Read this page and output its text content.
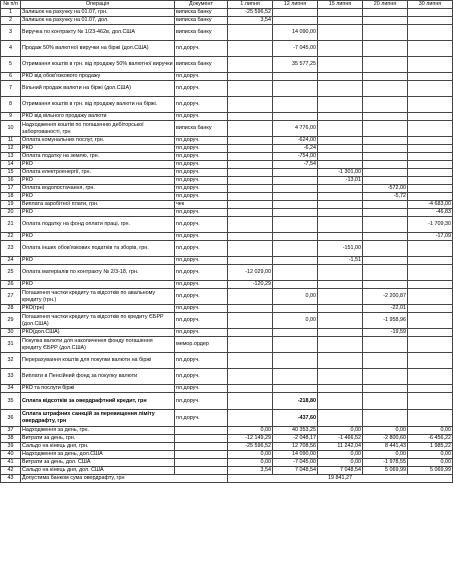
№ п/п	Операція	Документ	1 липня	12 липня	15 липня	20 липня	30 липня
1	Залишок на рахунку на 01.07, грн.	виписка банку	-25 596,52				
2	Залишок на рахунку на 01.07, дол.	виписка банку	3,54				
3	Виручка по контракту № 1/23-462в, дол.США	виписка банку		14 090,00			
4	Продаж 50% валютної виручки на біржі (дол.США)	пл.доруч.		-7 045,00			
5	Отримання коштів в грн. від продажу 50% валютної виручки	виписка банку		35 577,25			
6	РКО від обов'язкового продажу	пл.доруч.					
7	Вільний продаж валюти на біржі (дол.США)	пл.доруч.					
8	Отримання коштів в грн. від продажу валюти на біржі.	пл.доруч.					
9	РКО від вільного продажу валюти	пл.доруч.					
10	Надходження коштів по погашенню дебіторської заборгованості, грн	виписка банку		4 776,00			
11	Оплата комунальних послуг, грн.	пл.доруч.		-624,00			
12	РКО	пл.доруч.		-6,24			
13	Оплата податку на землю, грн.	пл.доруч.		-754,00			
14	РКО	пл.доруч.		-7,54			
15	Оплата електроенергії, грн.	пл.доруч.			-1 301,00		
16	РКО	пл.доруч.			-13,01		
17	Оплата водопостачання, грн.	пл.доруч.				-572,00	
18	РКО	пл.доруч.				-5,72	
19	Виплата заробітної плати, грн.	чек					-4 683,00
20	РКО	пл.доруч.					-46,83
21	Оплата податку на фонд оплати праці, грн.	пл.доруч.					-1 709,30
22	РКО	пл.доруч.					-17,09
23	Оплата інших обов'язкових податків та зборів, грн.	пл.доруч.			-151,00		
24	РКО	пл.доруч.			-1,51		
25	Оплата матеріалів по контракту № 2/3-18, грн.	пл.доруч.	-12 029,00				
26	РКО	пл.доруч.	-120,29				
27	Погашення частки кредиту та відсотків по авальному кредиту (грн.)	пл.доруч.		0,00		-2 200,87	
28	РКО(грн)	пл.доруч.				-22,01	
29	Погашення частки кредиту та відсотків по кредиту ЄБРР (дол.США)	пл.доруч.		0,00		-1 958,96	
30	РКО(дол.США)	пл.доруч.				-19,59	
31	Покупка валюти для накопичення фонду погашення кредиту ЄБРР (дол.США)	мемор.ордер					
32	Перерахування коштів для покупки валюти на біржі	пл.доруч.					
33	Виплати в Пенсійний фонд за покупку валюти	пл.доруч.					
34	РКО та послуги біржі	пл.доруч.					
35	Сплата відсотків за овердрафтний кредит, грн	пл.доруч.		-218,80			
36	Сплата штрафних санкцій за перевищення ліміту овердрафту, грн	пл.доруч.		-437,60			
37	Надходження за день, грн.		0,00	40 353,25	0,00	0,00	0,00
38	Витрати за день, грн.		-12 149,29	-2 048,17	-1 466,52	-2 800,60	-6 456,22
39	Сальдо на кінець дня, грн.		-25 596,52	12 708,56	11 242,04	8 441,43	1 985,22
40	Надходження за день, дол.США		0,00	14 090,00	0,00	0,00	0,00
41	Витрати за день, дол. США		0,00	-7 045,00	0,00	-1 978,55	0,00
42	Сальдо на кінець дня, дол. США		3,54	7 048,54	7 048,54	5 069,99	5 069,99
43	Допустима банком сума овердрафту, грн		19 841,27				
